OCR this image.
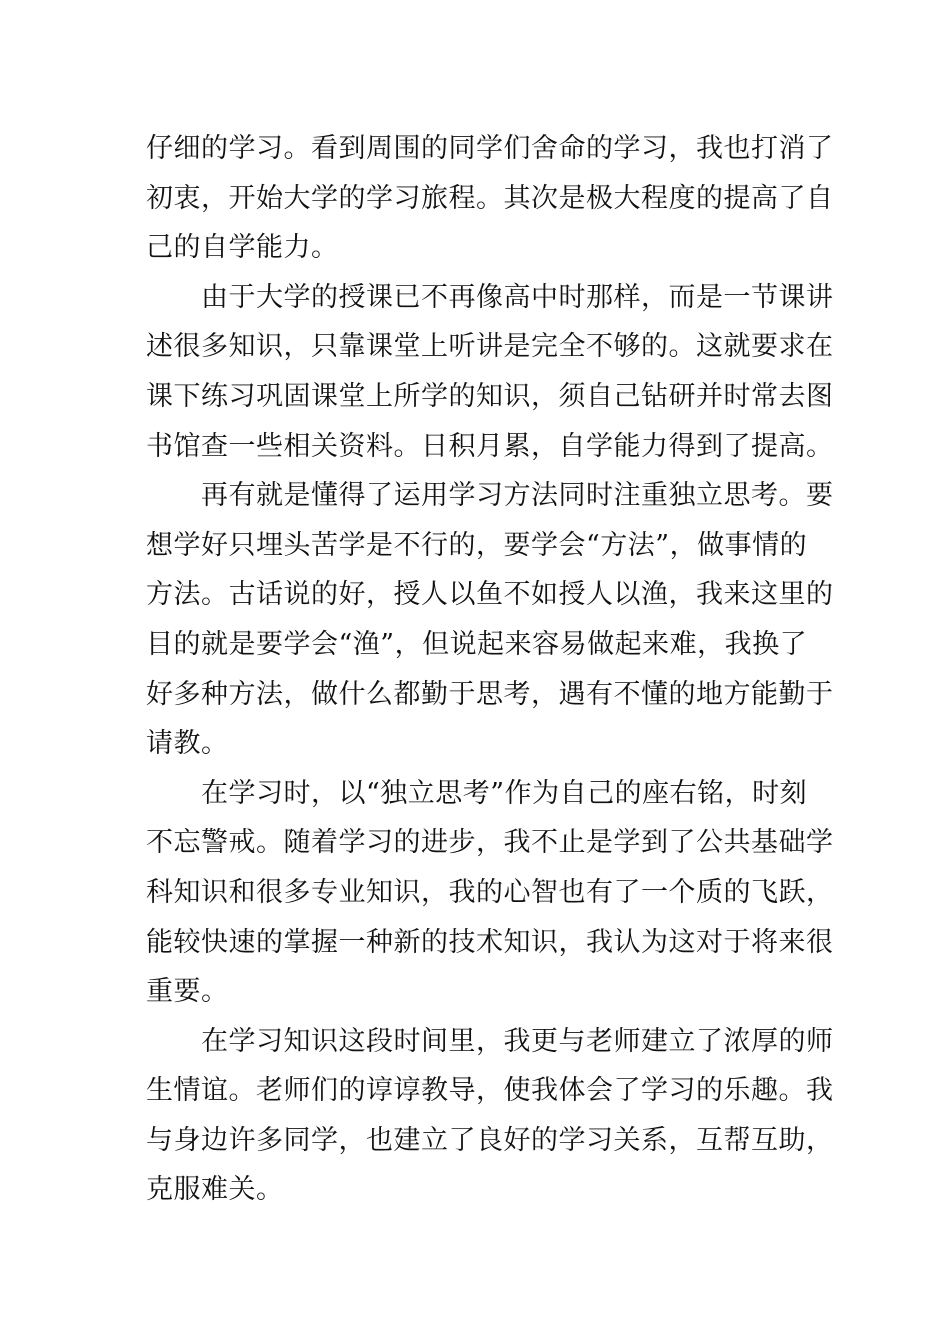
仔细的学习。看到周围的同学们舍命的学习，我也打消了
初衷，开始大学的学习旅程。其次是极大程度的提高了自
己的自学能力。

由于大学的授课已不再像高中时那样，而是一节课讲
述很多知识，只靠课堂上听讲是完全不够的。这就要求在
课下练习巩固课堂上所学的知识，须自己钻研并时常去图
书馆查一些相关资料。日积月累，自学能力得到了提高。

再有就是懂得了运用学习方法同时注重独立思考。要
想学好只埋头苦学是不行的，要学会“方法”，做事情的
方法。古话说的好，授人以鱼不如授人以渔，我来这里的
目的就是要学会“渔”，但说起来容易做起来难，我换了
好多种方法，做什么都勤于思考，遇有不懂的地方能勤于
请教。

在学习时，以“独立思考”作为自己的座右铭，时刻
不忘警戒。随着学习的进步，我不止是学到了公共基础学
科知识和很多专业知识，我的心智也有了一个质的飞跃，
能较快速的掌握一种新的技术知识，我认为这对于将来很
重要。

在学习知识这段时间里，我更与老师建立了浓厚的师
生情谊。老师们的谆谆教导，使我体会了学习的乐趣。我
与身边许多同学，也建立了良好的学习关系，互帮互助，
克服难关。
